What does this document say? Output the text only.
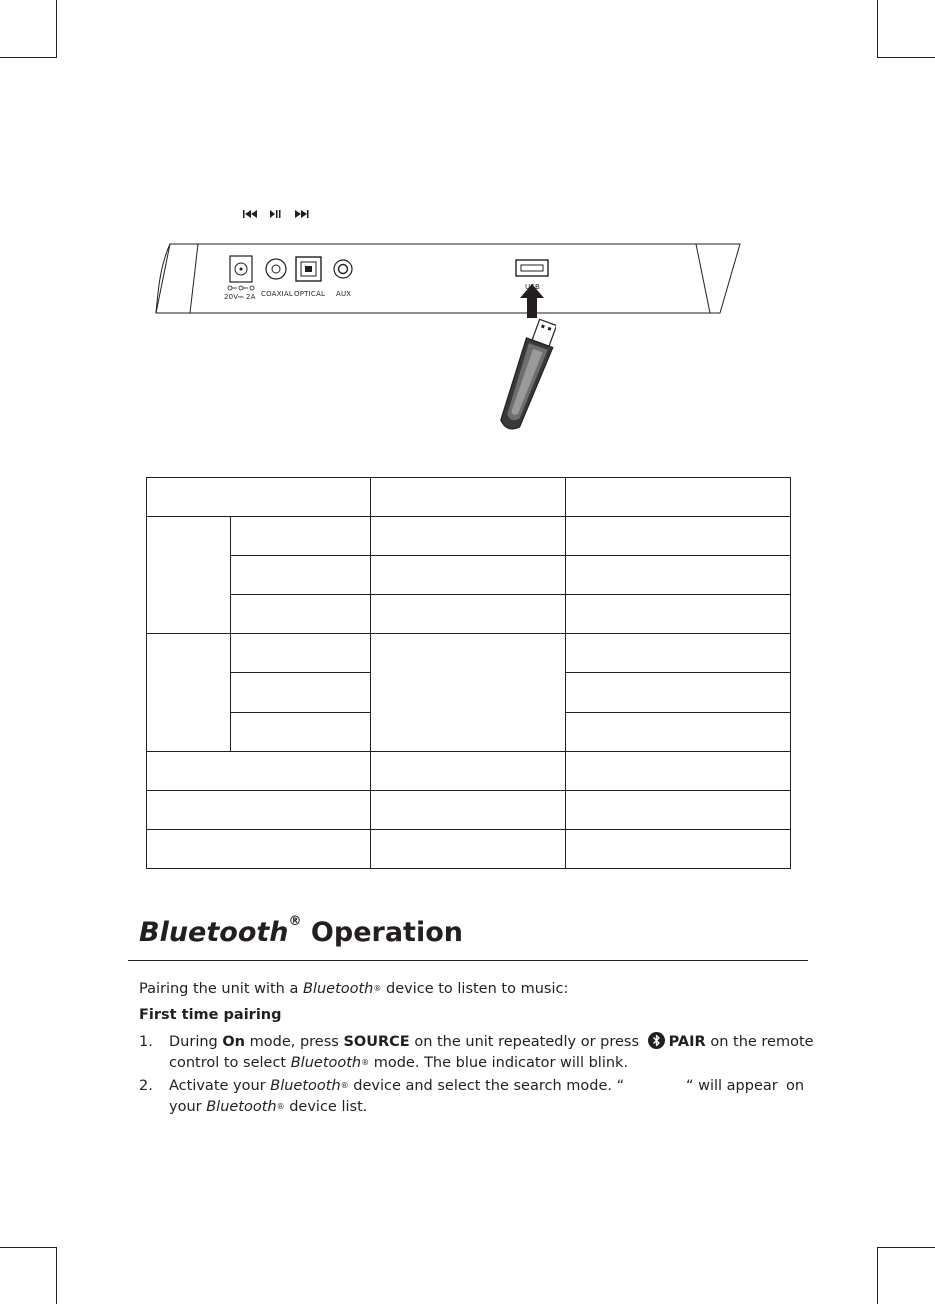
20V ⎓ 2A COAXIAL OPTICAL AUX
USB

Bluetooth® Operation
Pairing the unit with a Bluetooth® device to listen to music:
First time pairing
1. During On mode, press SOURCE on the unit repeatedly or press
PAIR on the remote
control to select Bluetooth® mode. The blue indicator will blink.
2. Activate your Bluetooth® device and select the search mode. “	“ will appear on
your Bluetooth® device list.
